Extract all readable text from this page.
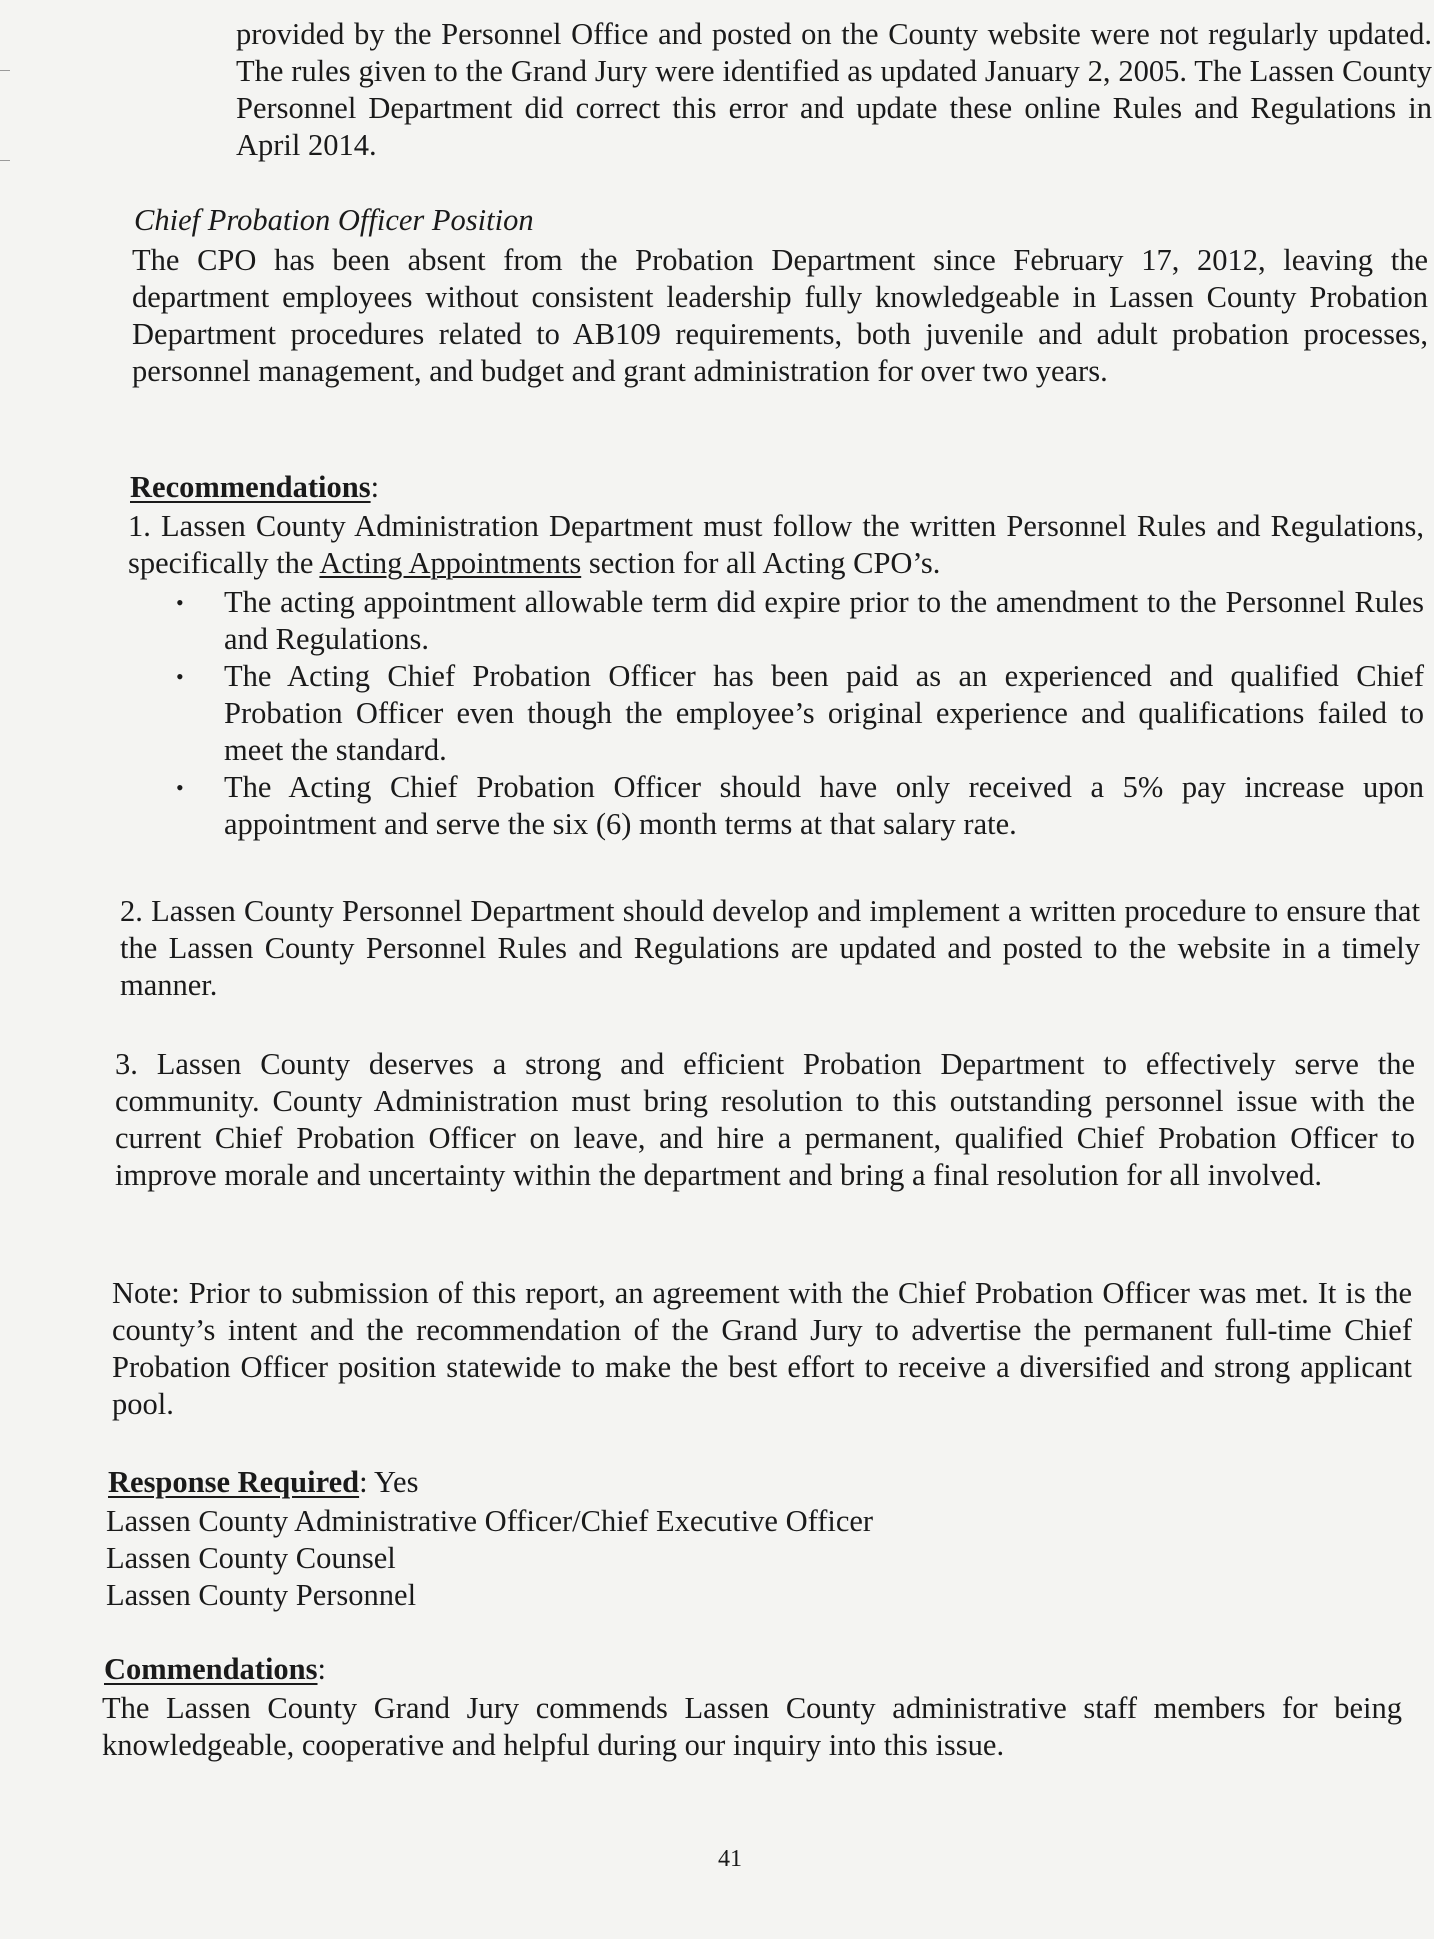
provided by the Personnel Office and posted on the County website were not regularly updated. The rules given to the Grand Jury were identified as updated January 2, 2005. The Lassen County Personnel Department did correct this error and update these online Rules and Regulations in April 2014.

Chief Probation Officer Position

The CPO has been absent from the Probation Department since February 17, 2012, leaving the department employees without consistent leadership fully knowledgeable in Lassen County Probation Department procedures related to AB109 requirements, both juvenile and adult probation processes, personnel management, and budget and grant administration for over two years.

Recommendations:

1. Lassen County Administration Department must follow the written Personnel Rules and Regulations, specifically the Acting Appointments section for all Acting CPO’s.

• The acting appointment allowable term did expire prior to the amendment to the Personnel Rules and Regulations.
• The Acting Chief Probation Officer has been paid as an experienced and qualified Chief Probation Officer even though the employee’s original experience and qualifications failed to meet the standard.
• The Acting Chief Probation Officer should have only received a 5% pay increase upon appointment and serve the six (6) month terms at that salary rate.

2. Lassen County Personnel Department should develop and implement a written procedure to ensure that the Lassen County Personnel Rules and Regulations are updated and posted to the website in a timely manner.

3. Lassen County deserves a strong and efficient Probation Department to effectively serve the community. County Administration must bring resolution to this outstanding personnel issue with the current Chief Probation Officer on leave, and hire a permanent, qualified Chief Probation Officer to improve morale and uncertainty within the department and bring a final resolution for all involved.

Note: Prior to submission of this report, an agreement with the Chief Probation Officer was met. It is the county’s intent and the recommendation of the Grand Jury to advertise the permanent full-time Chief Probation Officer position statewide to make the best effort to receive a diversified and strong applicant pool.

Response Required: Yes

Lassen County Administrative Officer/Chief Executive Officer
Lassen County Counsel
Lassen County Personnel

Commendations:

The Lassen County Grand Jury commends Lassen County administrative staff members for being knowledgeable, cooperative and helpful during our inquiry into this issue.

41
